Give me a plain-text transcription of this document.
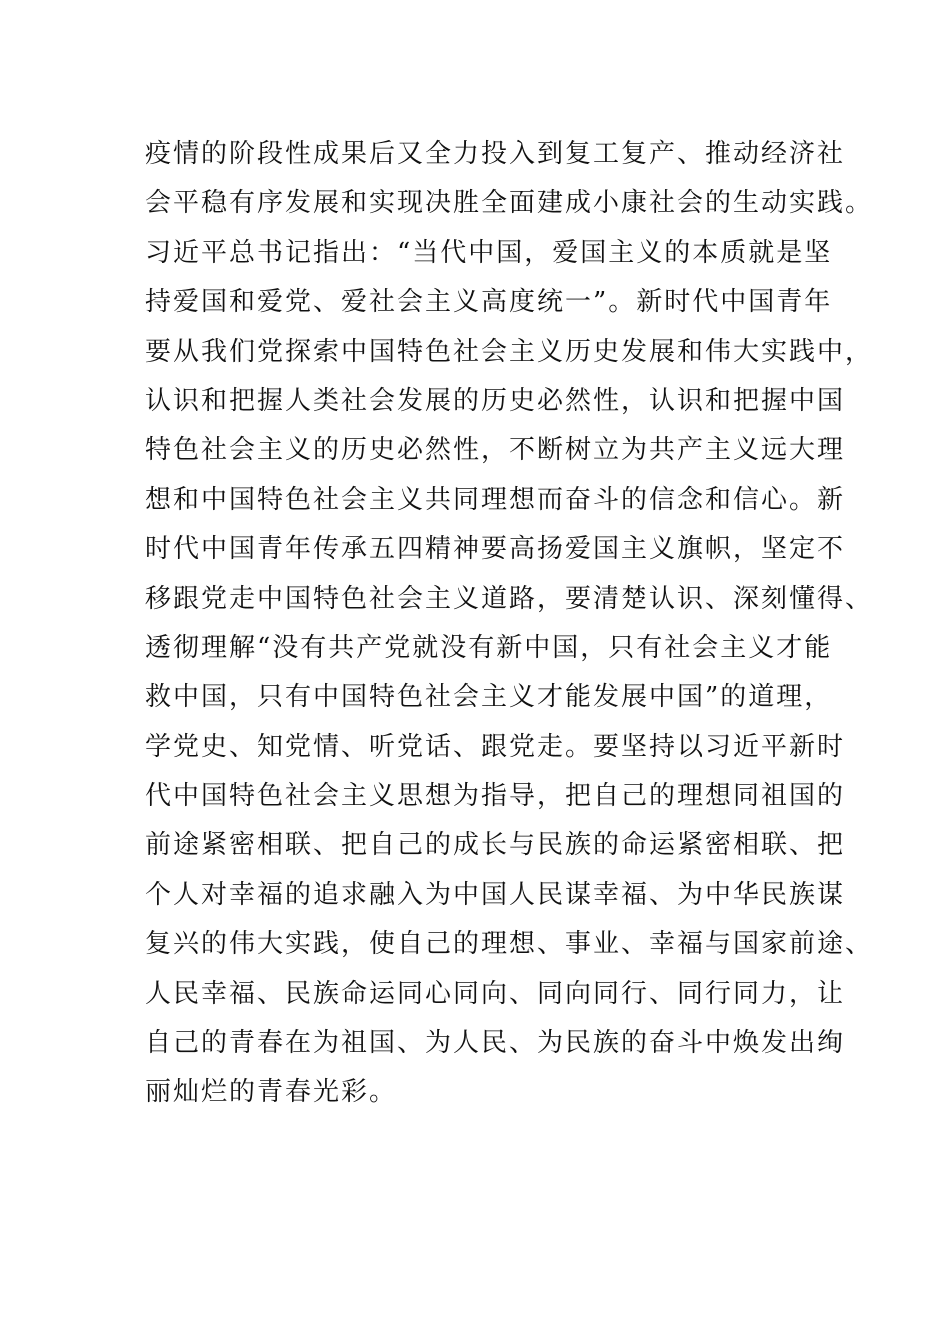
疫情的阶段性成果后又全力投入到复工复产、推动经济社
会平稳有序发展和实现决胜全面建成小康社会的生动实践。
习近平总书记指出：“当代中国，爱国主义的本质就是坚
持爱国和爱党、爱社会主义高度统一”。新时代中国青年
要从我们党探索中国特色社会主义历史发展和伟大实践中，
认识和把握人类社会发展的历史必然性，认识和把握中国
特色社会主义的历史必然性，不断树立为共产主义远大理
想和中国特色社会主义共同理想而奋斗的信念和信心。新
时代中国青年传承五四精神要高扬爱国主义旗帜，坚定不
移跟党走中国特色社会主义道路，要清楚认识、深刻懂得、
透彻理解“没有共产党就没有新中国，只有社会主义才能
救中国，只有中国特色社会主义才能发展中国”的道理，
学党史、知党情、听党话、跟党走。要坚持以习近平新时
代中国特色社会主义思想为指导，把自己的理想同祖国的
前途紧密相联、把自己的成长与民族的命运紧密相联、把
个人对幸福的追求融入为中国人民谋幸福、为中华民族谋
复兴的伟大实践，使自己的理想、事业、幸福与国家前途、
人民幸福、民族命运同心同向、同向同行、同行同力，让
自己的青春在为祖国、为人民、为民族的奋斗中焕发出绚
丽灿烂的青春光彩。
